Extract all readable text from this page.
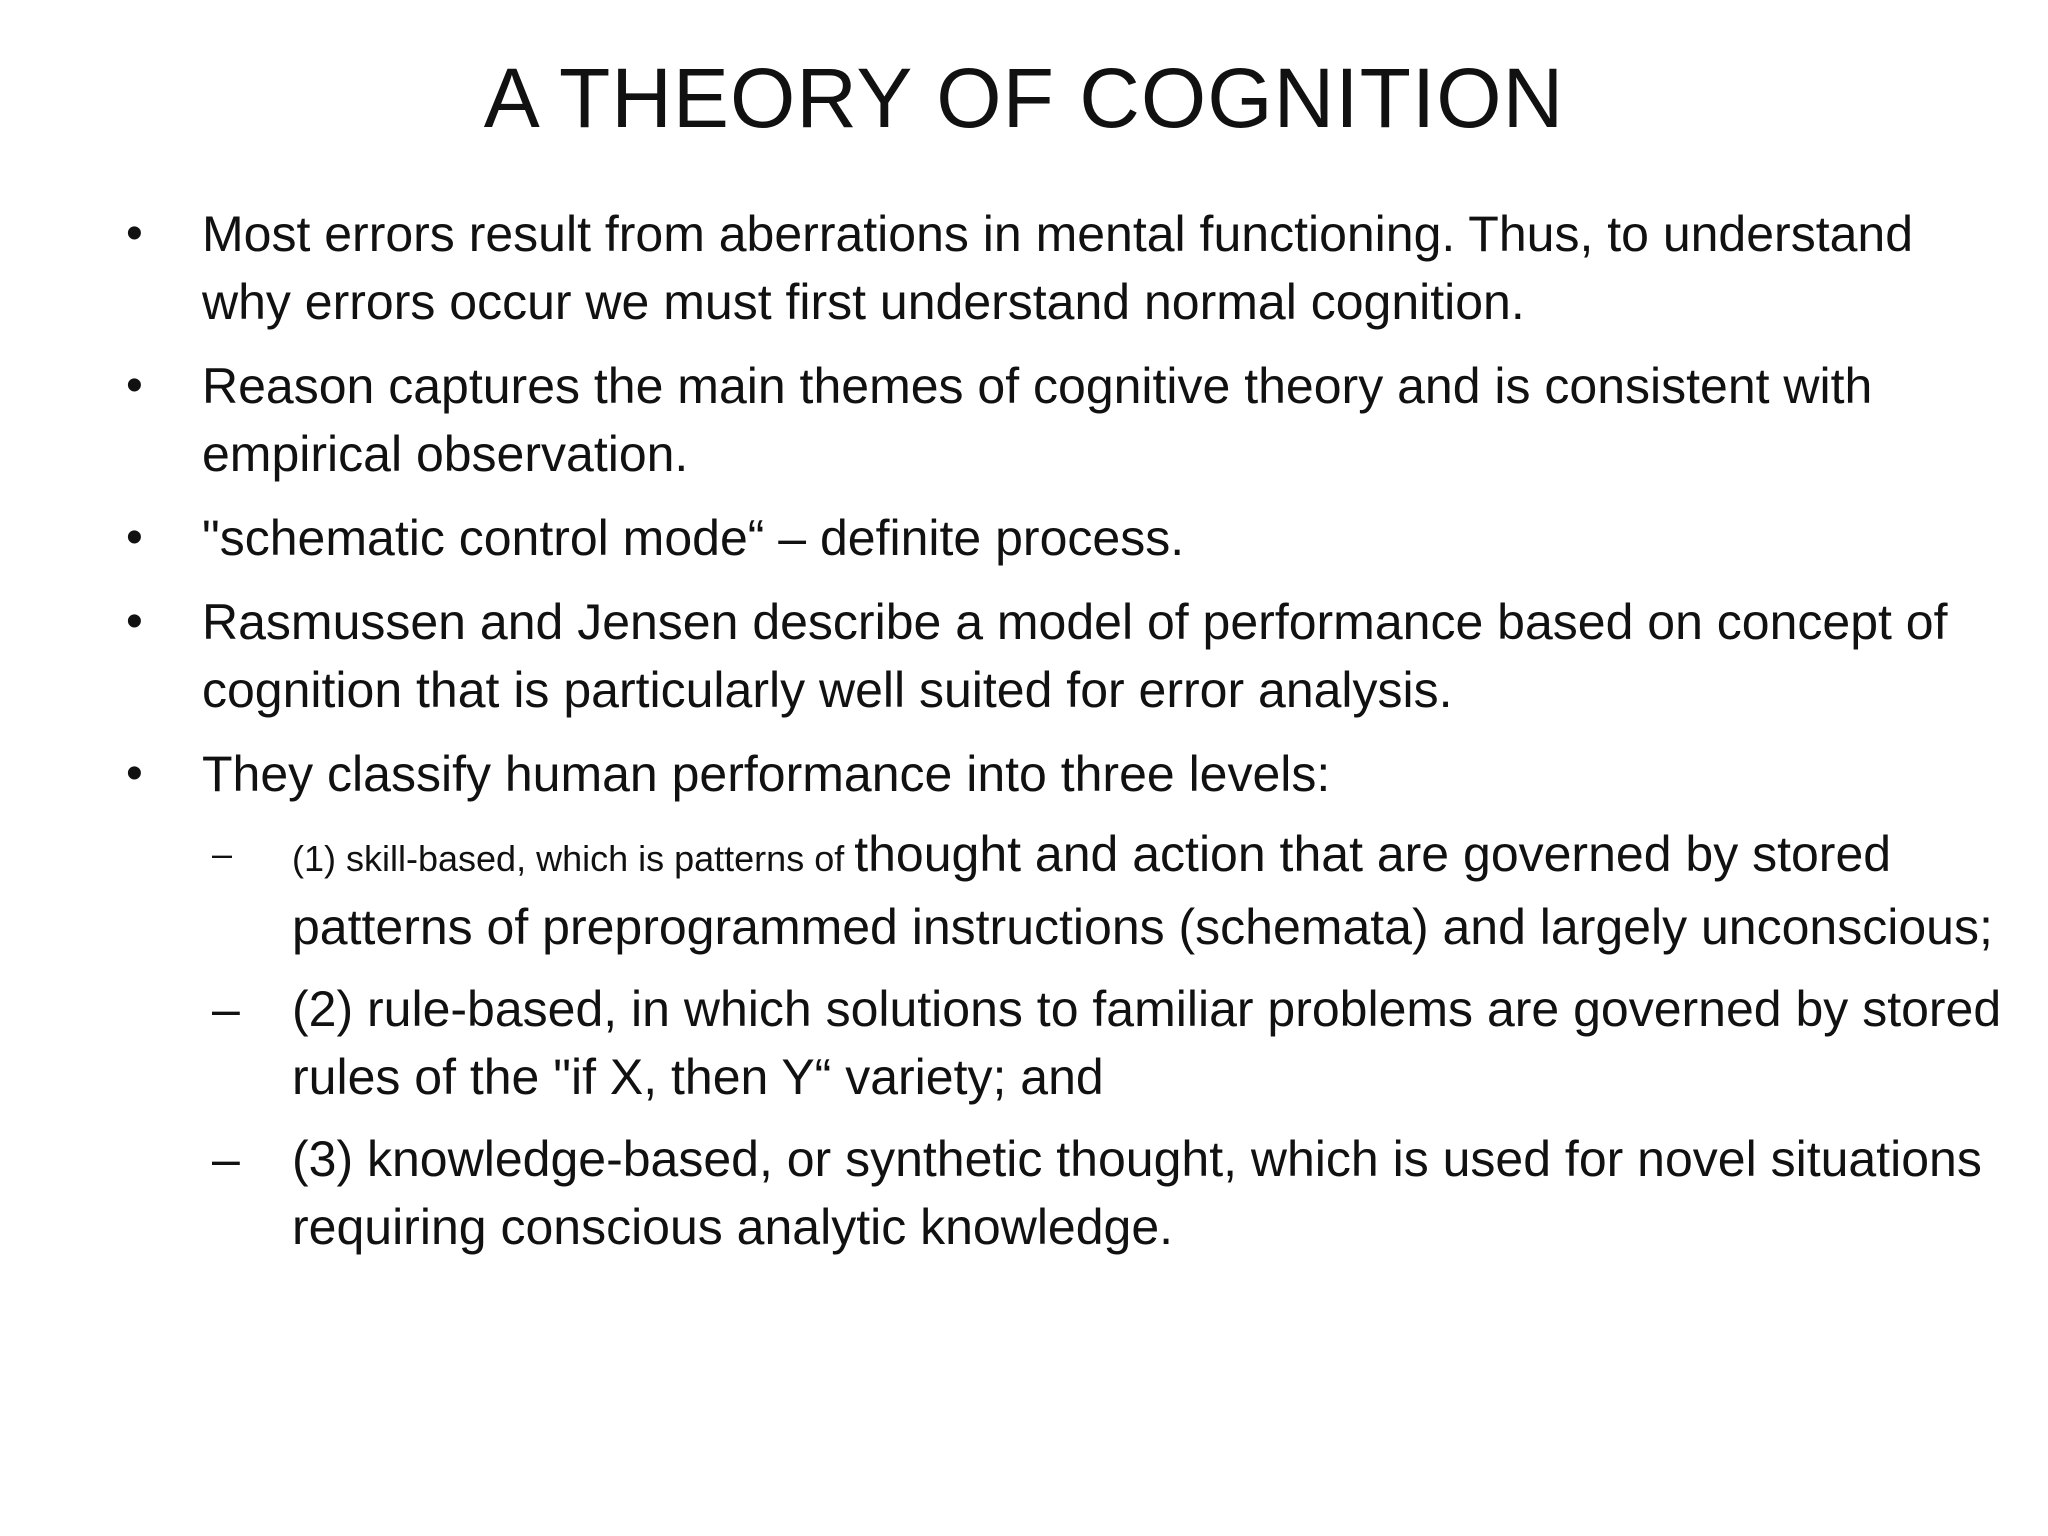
A THEORY OF COGNITION
• Most errors result from aberrations in mental functioning. Thus, to understand why errors occur we must first understand normal cognition.
• Reason captures the main themes of cognitive theory and is consistent with empirical observation.
• "schematic control mode“ – definite process.
• Rasmussen and Jensen describe a model of performance based on concept of cognition that is particularly well suited for error analysis.
• They classify human performance into three levels:
– (1) skill-based, which is patterns of thought and action that are governed by stored patterns of preprogrammed instructions (schemata) and largely unconscious;
– (2) rule-based, in which solutions to familiar problems are governed by stored rules of the "if X, then Y“ variety; and
– (3) knowledge-based, or synthetic thought, which is used for novel situations requiring conscious analytic knowledge.
